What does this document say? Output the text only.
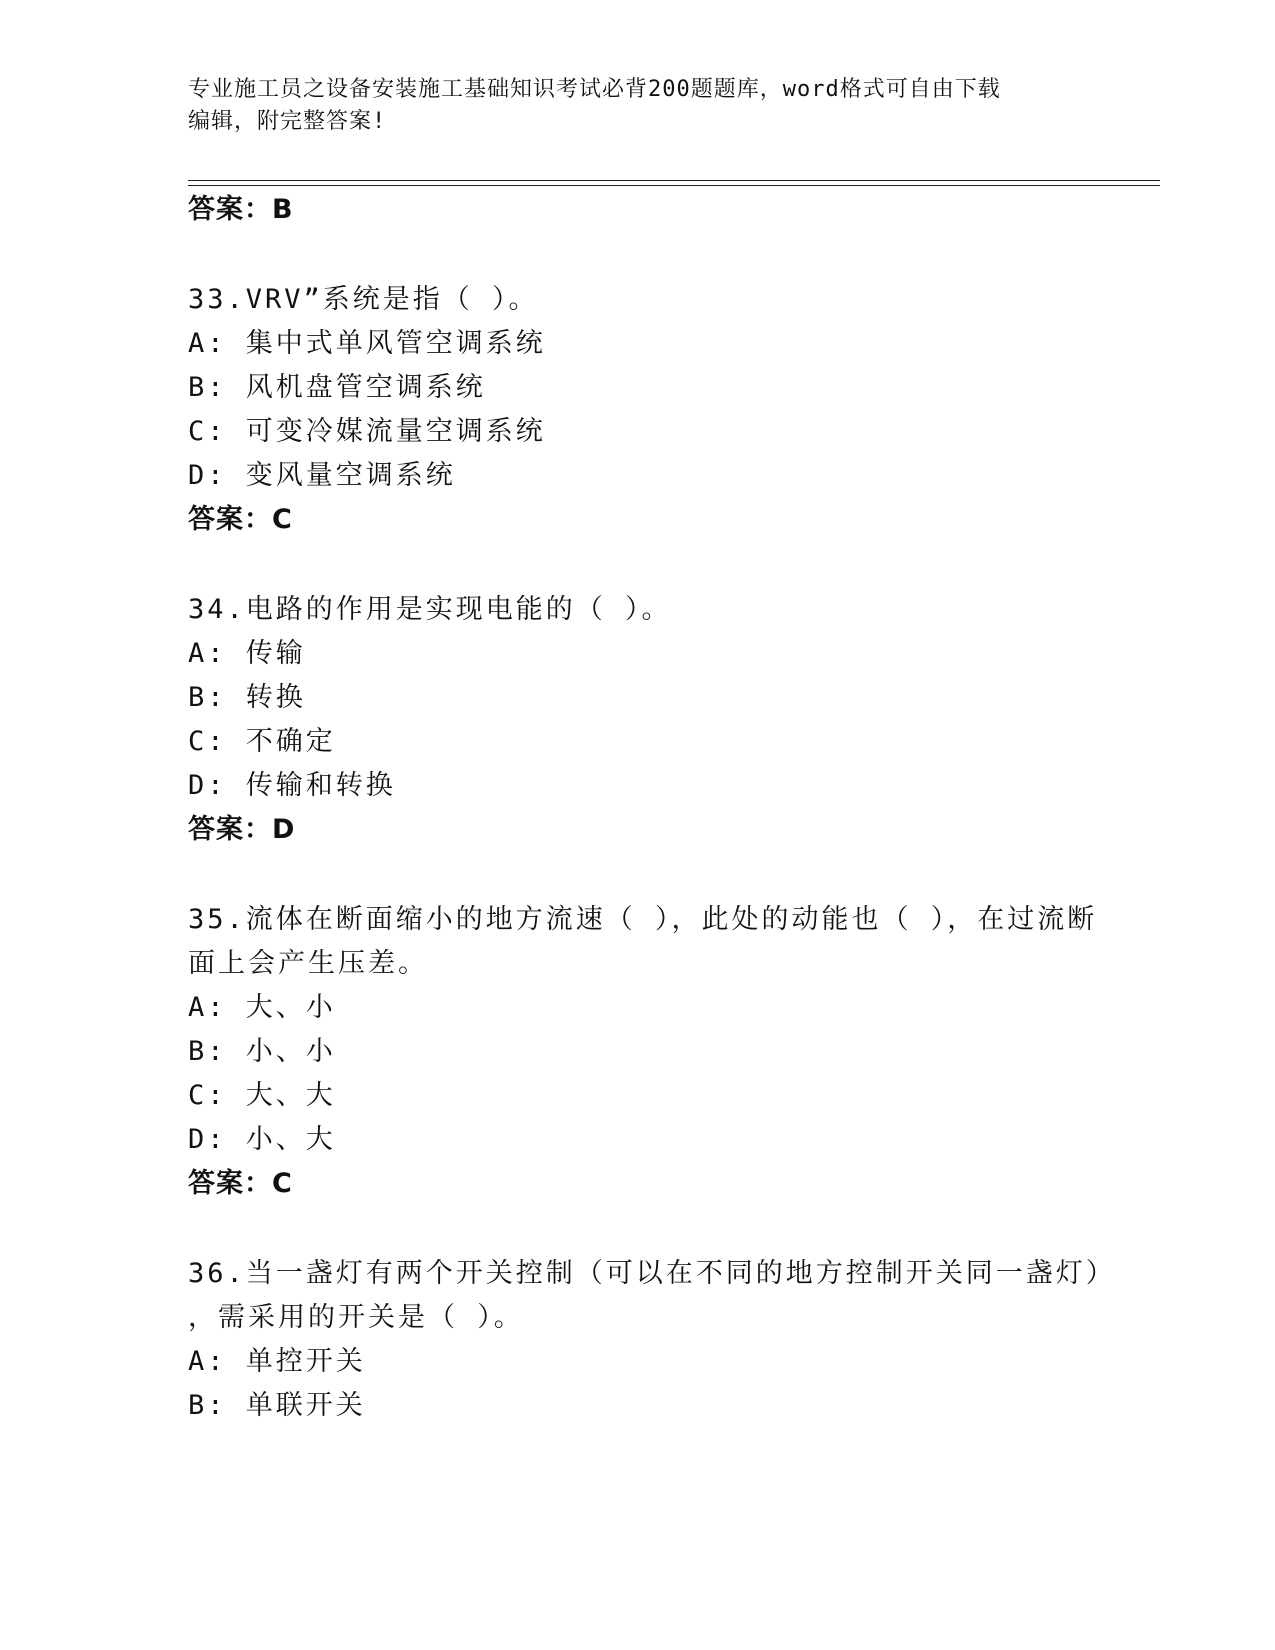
专业施工员之设备安装施工基础知识考试必背200题题库，word格式可自由下载
编辑，附完整答案!
答案：B
33.VRV”系统是指（ ）。
A: 集中式单风管空调系统
B: 风机盘管空调系统
C: 可变冷媒流量空调系统
D: 变风量空调系统
答案：C
34.电路的作用是实现电能的（ ）。
A: 传输
B: 转换
C: 不确定
D: 传输和转换
答案：D
35.流体在断面缩小的地方流速（ ），此处的动能也（ ），在过流断
面上会产生压差。
A: 大、小
B: 小、小
C: 大、大
D: 小、大
答案：C
36.当一盏灯有两个开关控制（可以在不同的地方控制开关同一盏灯）
，需采用的开关是（ ）。
A: 单控开关
B: 单联开关
